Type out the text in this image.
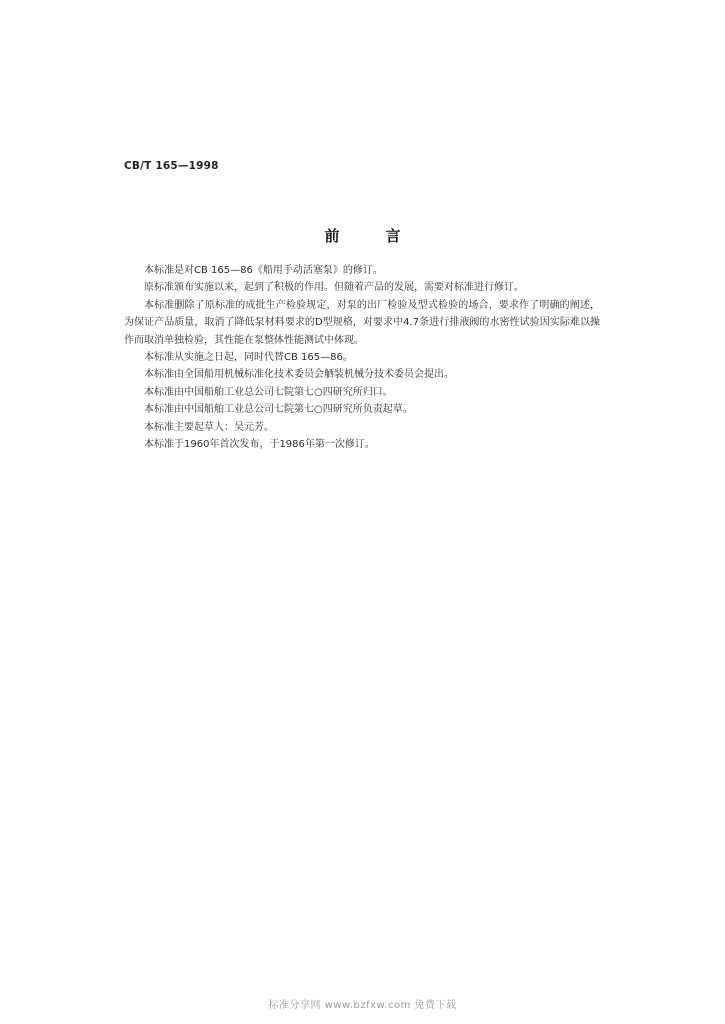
CB/T 165—1998
前	言

本标准是对CB 165—86《船用手动活塞泵》的修订。

原标准颁布实施以来，起到了积极的作用。但随着产品的发展，需要对标准进行修订。

本标准删除了原标准的成批生产检验规定，对泵的出厂检验及型式检验的场合，要求作了明确的阐述，为保证产品质量，取消了降低泵材料要求的D型规格，对要求中4.7条进行排液阀的水密性试验因实际难以操作而取消单独检验，其性能在泵整体性能测试中体现。

本标准从实施之日起，同时代替CB 165—86。

本标准由全国船用机械标准化技术委员会舾装机械分技术委员会提出。

本标准由中国船舶工业总公司七院第七○四研究所归口。

本标准由中国船舶工业总公司七院第七○四研究所负责起草。

本标准主要起草人：吴元芳。

本标准于1960年首次发布，于1986年第一次修订。

标准分享网 www.bzfxw.com 免费下载
